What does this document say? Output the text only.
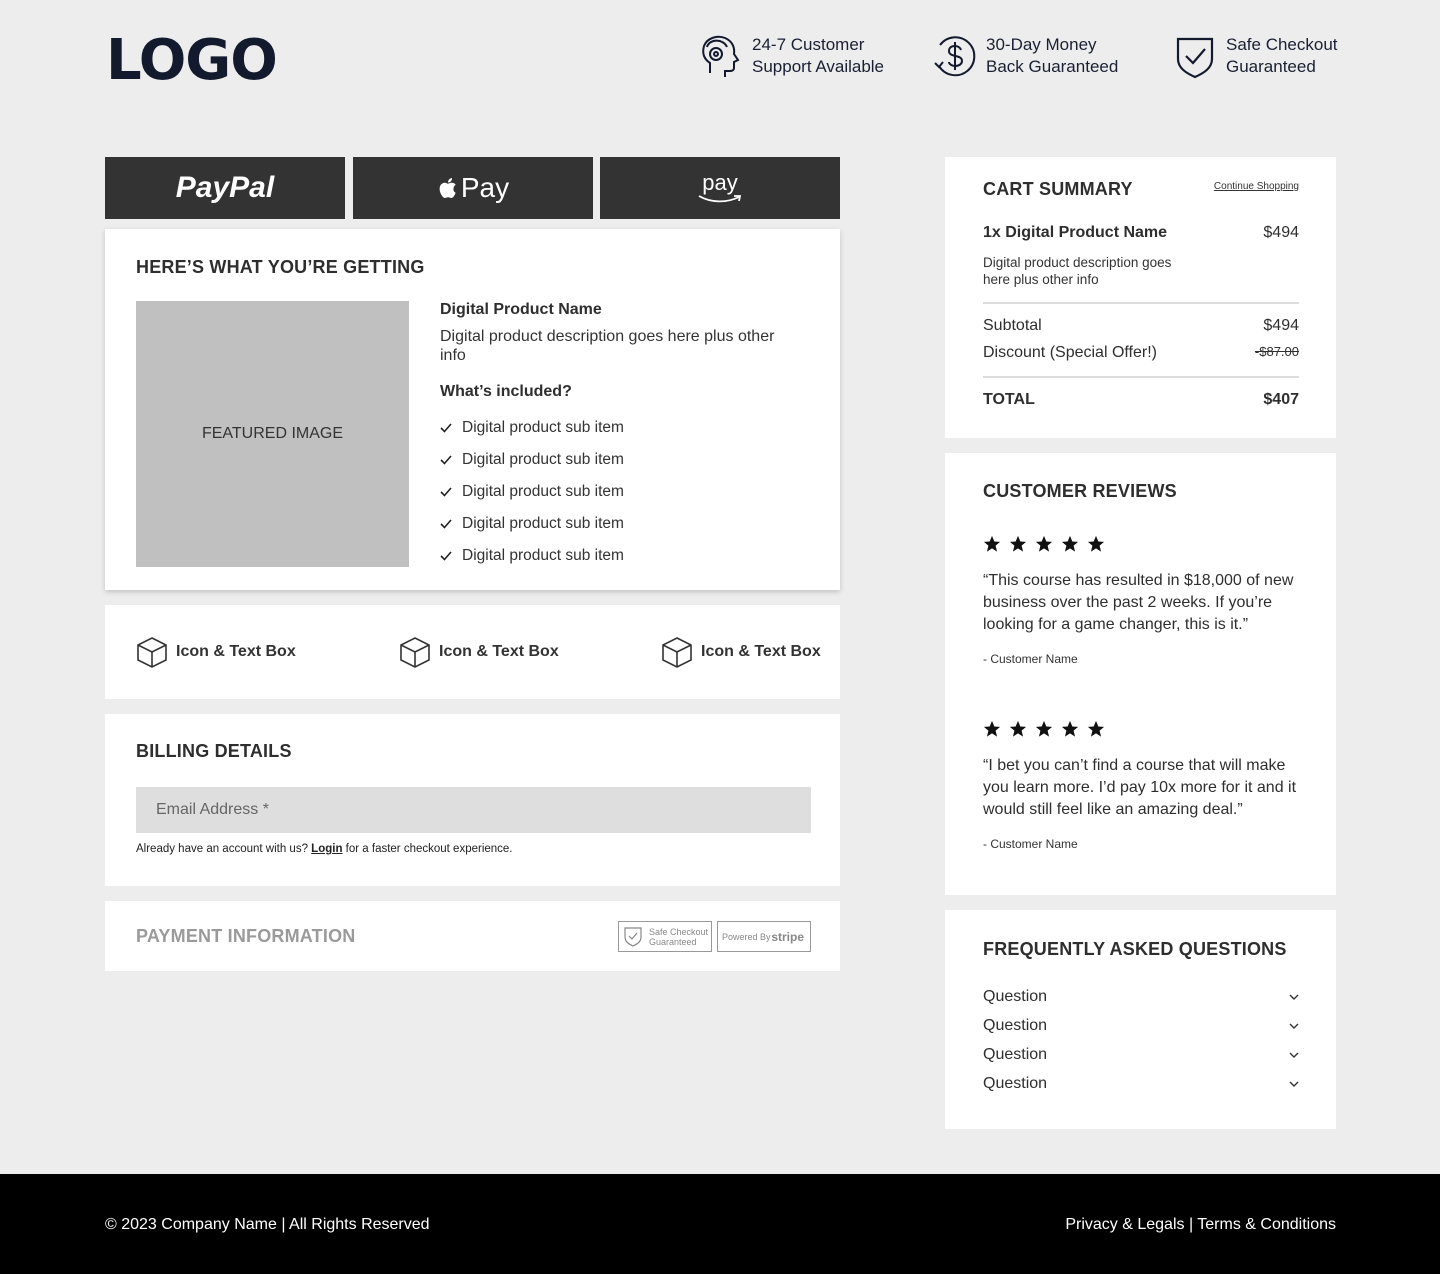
LOGO	24-7 Customer
Support Available
30-Day Money
Back Guaranteed
Safe Checkout
Guaranteed
PayPal	Pay	pay
HERE’S WHAT YOU’RE GETTING
FEATURED IMAGE
Digital Product Name
Digital product description goes here plus other info
What’s included?
Digital product sub item
Digital product sub item
Digital product sub item
Digital product sub item
Digital product sub item
Icon & Text Box	Icon & Text Box	Icon & Text Box
BILLING DETAILS
Email Address *
Already have an account with us? Login for a faster checkout experience.
PAYMENT INFORMATION	Safe Checkout
Guaranteed	Powered By stripe
CART SUMMARY	Continue Shopping
1x Digital Product Name	$494
Digital product description goes here plus other info
Subtotal	$494
Discount (Special Offer!)	-$87.00
TOTAL	$407
CUSTOMER REVIEWS
“This course has resulted in $18,000 of new business over the past 2 weeks. If you’re looking for a game changer, this is it.”
- Customer Name
“I bet you can’t find a course that will make you learn more. I’d pay 10x more for it and it would still feel like an amazing deal.”
- Customer Name
FREQUENTLY ASKED QUESTIONS
Question
Question
Question
Question
© 2023 Company Name | All Rights Reserved	Privacy & Legals | Terms & Conditions
